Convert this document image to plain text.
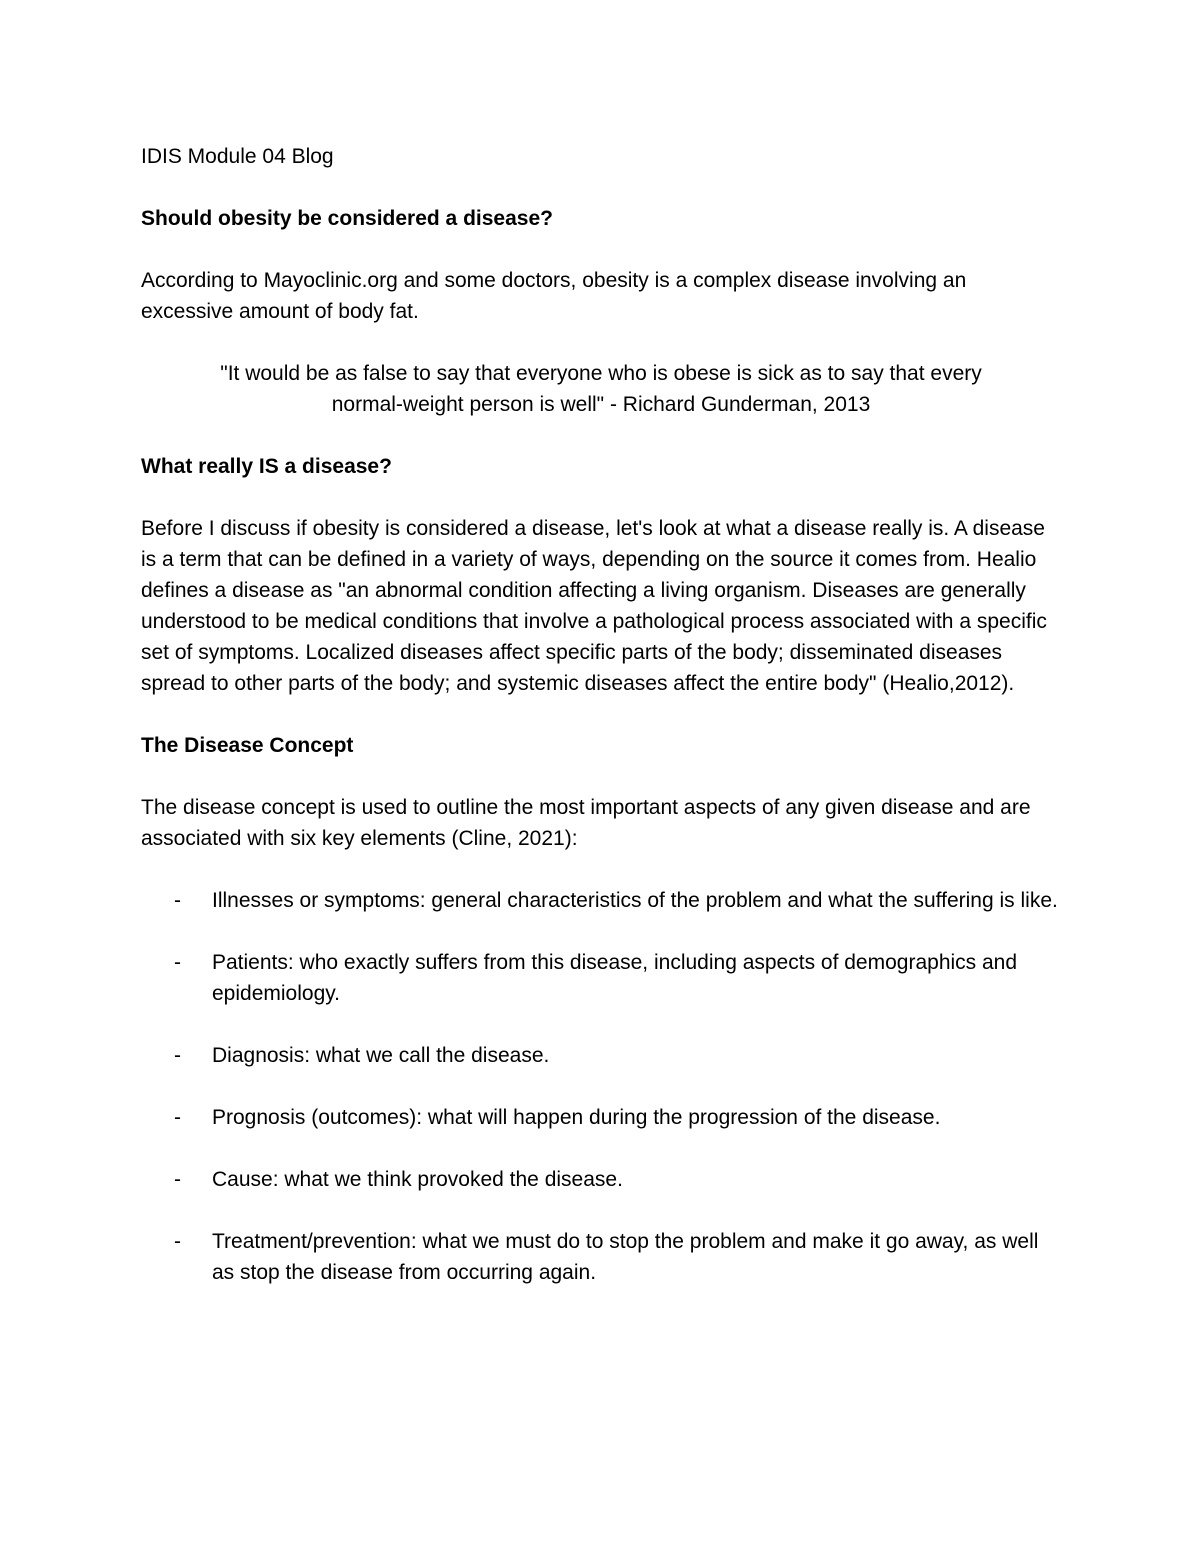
IDIS Module 04 Blog
Should obesity be considered a disease?

According to Mayoclinic.org and some doctors, obesity is a complex disease involving an excessive amount of body fat.

"It would be as false to say that everyone who is obese is sick as to say that every
normal-weight person is well" - Richard Gunderman, 2013
What really IS a disease?

Before I discuss if obesity is considered a disease, let's look at what a disease really is. A disease is a term that can be defined in a variety of ways, depending on the source it comes from. Healio defines a disease as "an abnormal condition affecting a living organism. Diseases are generally understood to be medical conditions that involve a pathological process associated with a specific set of symptoms. Localized diseases affect specific parts of the body; disseminated diseases spread to other parts of the body; and systemic diseases affect the entire body" (Healio,2012).

The Disease Concept

The disease concept is used to outline the most important aspects of any given disease and are associated with six key elements (Cline, 2021):

- Illnesses or symptoms: general characteristics of the problem and what the suffering is like.
- Patients: who exactly suffers from this disease, including aspects of demographics and epidemiology.
- Diagnosis: what we call the disease.
- Prognosis (outcomes): what will happen during the progression of the disease.
- Cause: what we think provoked the disease.
- Treatment/prevention: what we must do to stop the problem and make it go away, as well as stop the disease from occurring again.
